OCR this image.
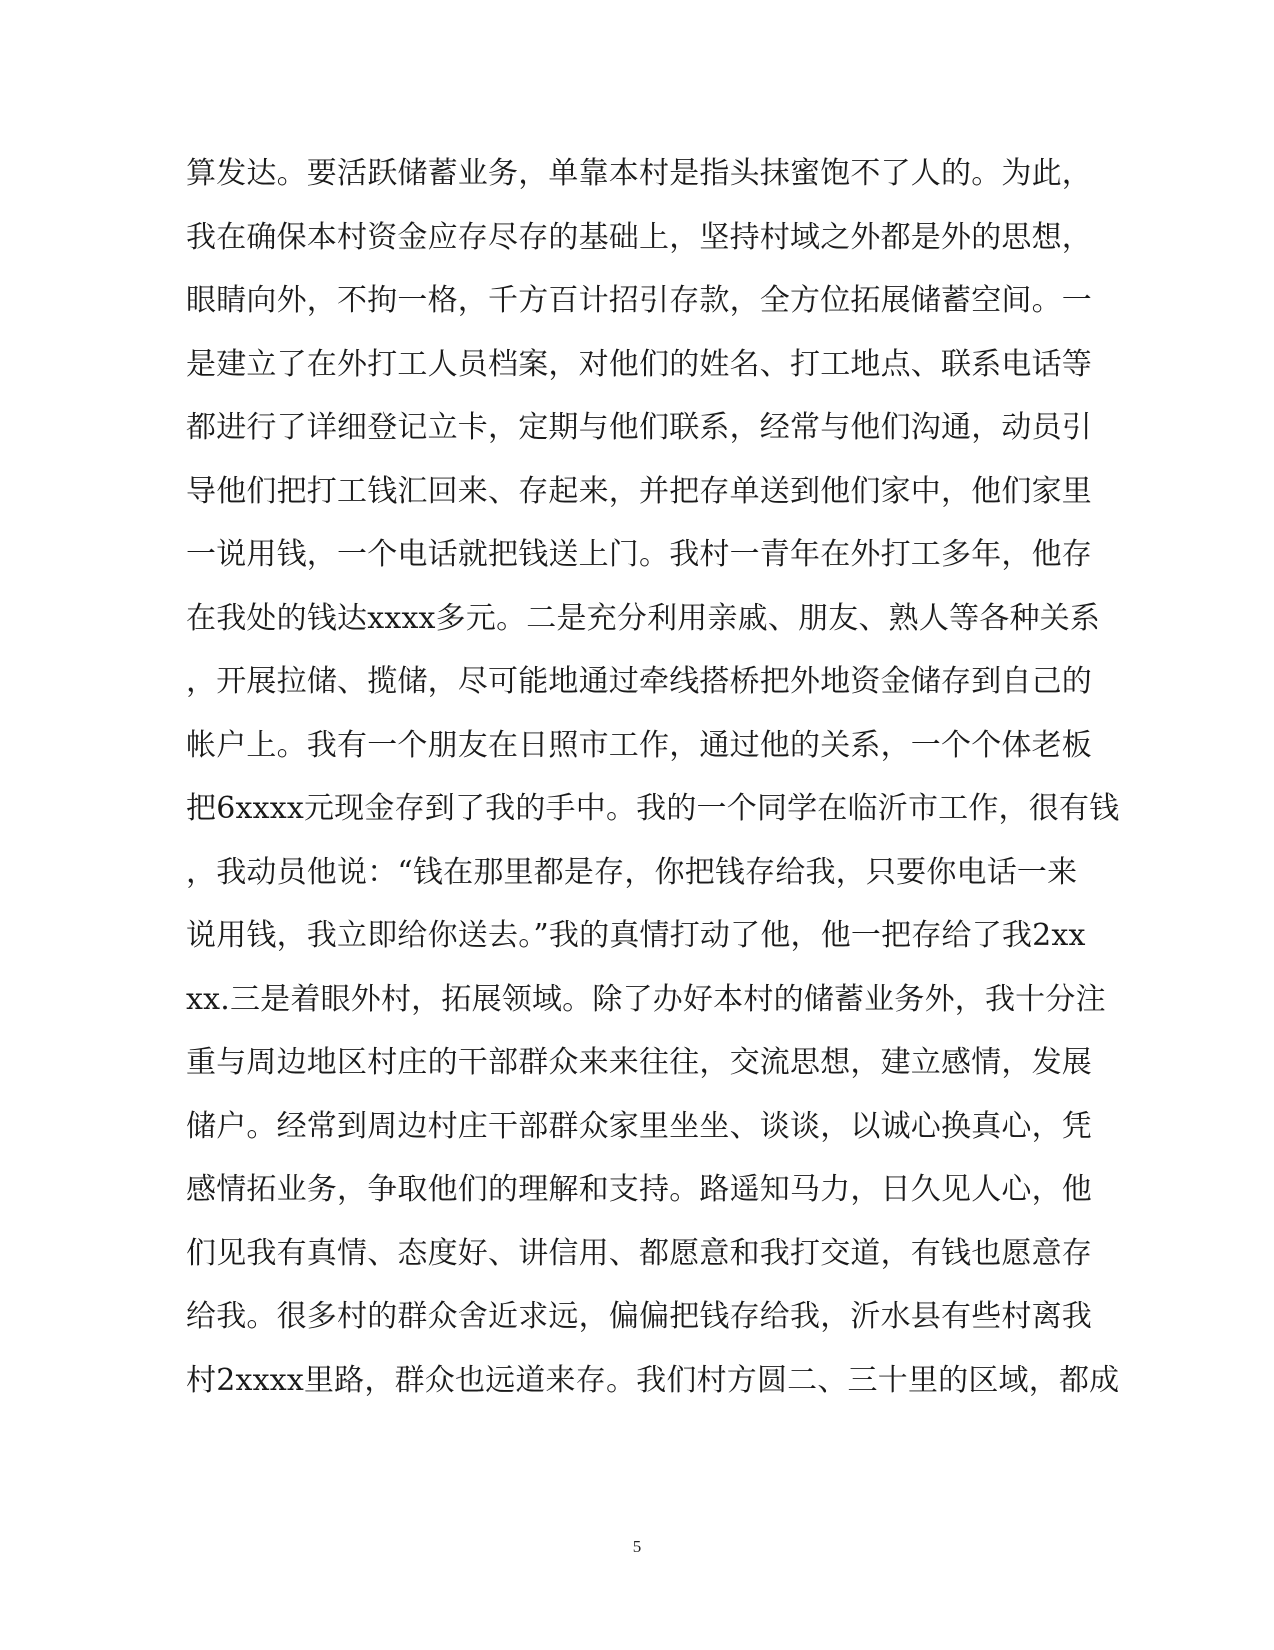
算发达。要活跃储蓄业务，单靠本村是指头抹蜜饱不了人的。为此，
我在确保本村资金应存尽存的基础上，坚持村域之外都是外的思想，
眼睛向外，不拘一格，千方百计招引存款，全方位拓展储蓄空间。一
是建立了在外打工人员档案，对他们的姓名、打工地点、联系电话等
都进行了详细登记立卡，定期与他们联系，经常与他们沟通，动员引
导他们把打工钱汇回来、存起来，并把存单送到他们家中，他们家里
一说用钱，一个电话就把钱送上门。我村一青年在外打工多年，他存
在我处的钱达xxxx多元。二是充分利用亲戚、朋友、熟人等各种关系
，开展拉储、揽储，尽可能地通过牵线搭桥把外地资金储存到自己的
帐户上。我有一个朋友在日照市工作，通过他的关系，一个个体老板
把6xxxx元现金存到了我的手中。我的一个同学在临沂市工作，很有钱
，我动员他说：“钱在那里都是存，你把钱存给我，只要你电话一来
说用钱，我立即给你送去。”我的真情打动了他，他一把存给了我2xx
xx.三是着眼外村，拓展领域。除了办好本村的储蓄业务外，我十分注
重与周边地区村庄的干部群众来来往往，交流思想，建立感情，发展
储户。经常到周边村庄干部群众家里坐坐、谈谈，以诚心换真心，凭
感情拓业务，争取他们的理解和支持。路遥知马力，日久见人心，他
们见我有真情、态度好、讲信用、都愿意和我打交道，有钱也愿意存
给我。很多村的群众舍近求远，偏偏把钱存给我，沂水县有些村离我
村2xxxx里路，群众也远道来存。我们村方圆二、三十里的区域，都成
5
